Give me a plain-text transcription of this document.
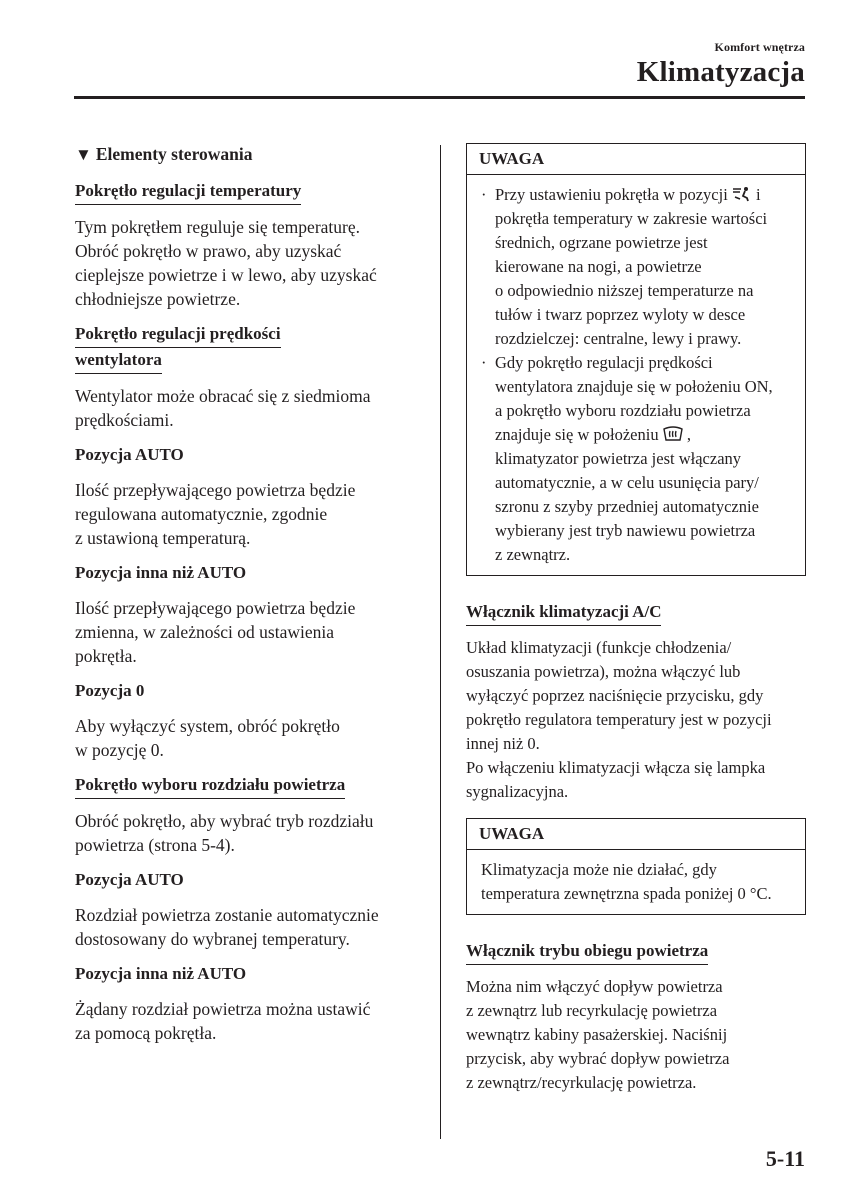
Komfort wnętrza
Klimatyzacja
▼ Elementy sterowania
Pokrętło regulacji temperatury
Tym pokrętłem reguluje się temperaturę.
Obróć pokrętło w prawo, aby uzyskać
cieplejsze powietrze i w lewo, aby uzyskać
chłodniejsze powietrze.
Pokrętło regulacji prędkości
wentylatora
Wentylator może obracać się z siedmioma
prędkościami.
Pozycja AUTO
Ilość przepływającego powietrza będzie
regulowana automatycznie, zgodnie
z ustawioną temperaturą.
Pozycja inna niż AUTO
Ilość przepływającego powietrza będzie
zmienna, w zależności od ustawienia
pokrętła.
Pozycja 0
Aby wyłączyć system, obróć pokrętło
w pozycję 0.
Pokrętło wyboru rozdziału powietrza
Obróć pokrętło, aby wybrać tryb rozdziału
powietrza (strona 5-4).
Pozycja AUTO
Rozdział powietrza zostanie automatycznie
dostosowany do wybranej temperatury.
Pozycja inna niż AUTO
Żądany rozdział powietrza można ustawić
za pomocą pokrętła.
UWAGA
· Przy ustawieniu pokrętła w pozycji i
pokrętła temperatury w zakresie wartości
średnich, ogrzane powietrze jest
kierowane na nogi, a powietrze
o odpowiednio niższej temperaturze na
tułów i twarz poprzez wyloty w desce
rozdzielczej: centralne, lewy i prawy.
· Gdy pokrętło regulacji prędkości
wentylatora znajduje się w położeniu ON,
a pokrętło wyboru rozdziału powietrza
znajduje się w położeniu ,
klimatyzator powietrza jest włączany
automatycznie, a w celu usunięcia pary/
szronu z szyby przedniej automatycznie
wybierany jest tryb nawiewu powietrza
z zewnątrz.
Włącznik klimatyzacji A/C
Układ klimatyzacji (funkcje chłodzenia/
osuszania powietrza), można włączyć lub
wyłączyć poprzez naciśnięcie przycisku, gdy
pokrętło regulatora temperatury jest w pozycji
innej niż 0.
Po włączeniu klimatyzacji włącza się lampka
sygnalizacyjna.
UWAGA
Klimatyzacja może nie działać, gdy
temperatura zewnętrzna spada poniżej 0 °C.
Włącznik trybu obiegu powietrza
Można nim włączyć dopływ powietrza
z zewnątrz lub recyrkulację powietrza
wewnątrz kabiny pasażerskiej. Naciśnij
przycisk, aby wybrać dopływ powietrza
z zewnątrz/recyrkulację powietrza.
5-11
